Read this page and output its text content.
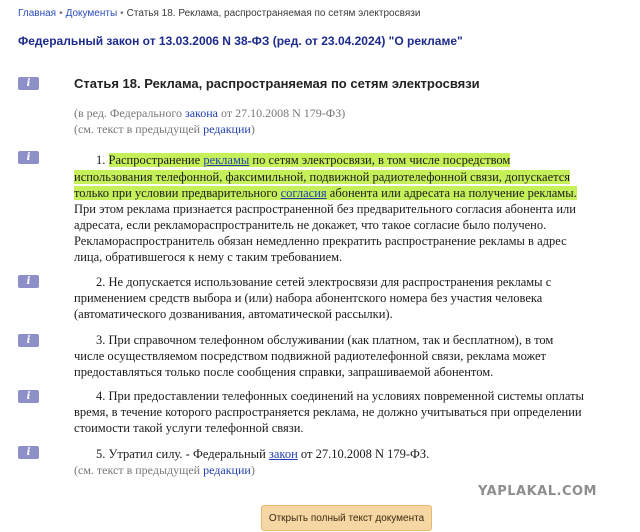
Главная • Документы • Статья 18. Реклама, распространяемая по сетям электросвязи
Федеральный закон от 13.03.2006 N 38-ФЗ (ред. от 23.04.2024) "О рекламе"
i
i
i
i
i
i
Статья 18. Реклама, распространяемая по сетям электросвязи
(в ред. Федерального закона от 27.10.2008 N 179-ФЗ)
(см. текст в предыдущей редакции)
1. Распространение рекламы по сетям электросвязи, в том числе посредством
использования телефонной, факсимильной, подвижной радиотелефонной связи, допускается
только при условии предварительного согласия абонента или адресата на получение рекламы.
При этом реклама признается распространенной без предварительного согласия абонента или
адресата, если рекламораспространитель не докажет, что такое согласие было получено.
Рекламораспространитель обязан немедленно прекратить распространение рекламы в адрес
лица, обратившегося к нему с таким требованием.
2. Не допускается использование сетей электросвязи для распространения рекламы с
применением средств выбора и (или) набора абонентского номера без участия человека
(автоматического дозванивания, автоматической рассылки).
3. При справочном телефонном обслуживании (как платном, так и бесплатном), в том
числе осуществляемом посредством подвижной радиотелефонной связи, реклама может
предоставляться только после сообщения справки, запрашиваемой абонентом.
4. При предоставлении телефонных соединений на условиях повременной системы оплаты
время, в течение которого распространяется реклама, не должно учитываться при определении
стоимости такой услуги телефонной связи.
5. Утратил силу. - Федеральный закон от 27.10.2008 N 179-ФЗ.
(см. текст в предыдущей редакции)
YAPLAKAL.COM
Открыть полный текст документа
